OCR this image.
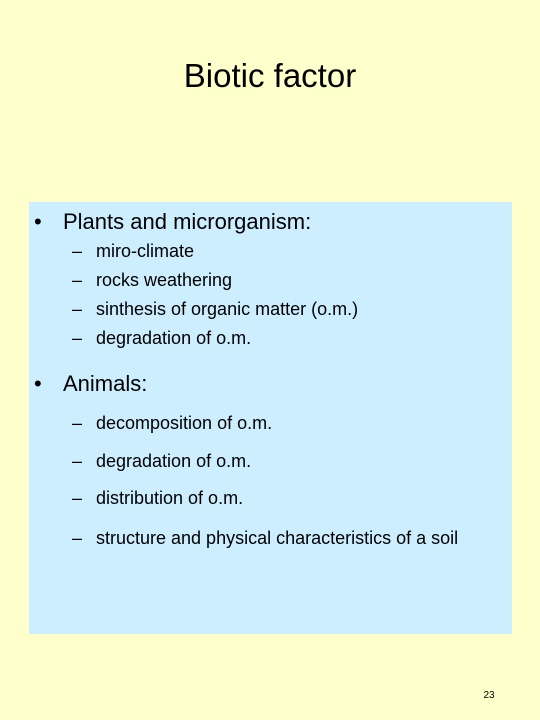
Biotic factor
• Plants and microrganism:
– miro-climate
– rocks weathering
– sinthesis of organic matter (o.m.)
– degradation of o.m.
• Animals:
– decomposition of o.m.
– degradation of o.m.
– distribution of o.m.
– structure and physical characteristics of a soil
23
